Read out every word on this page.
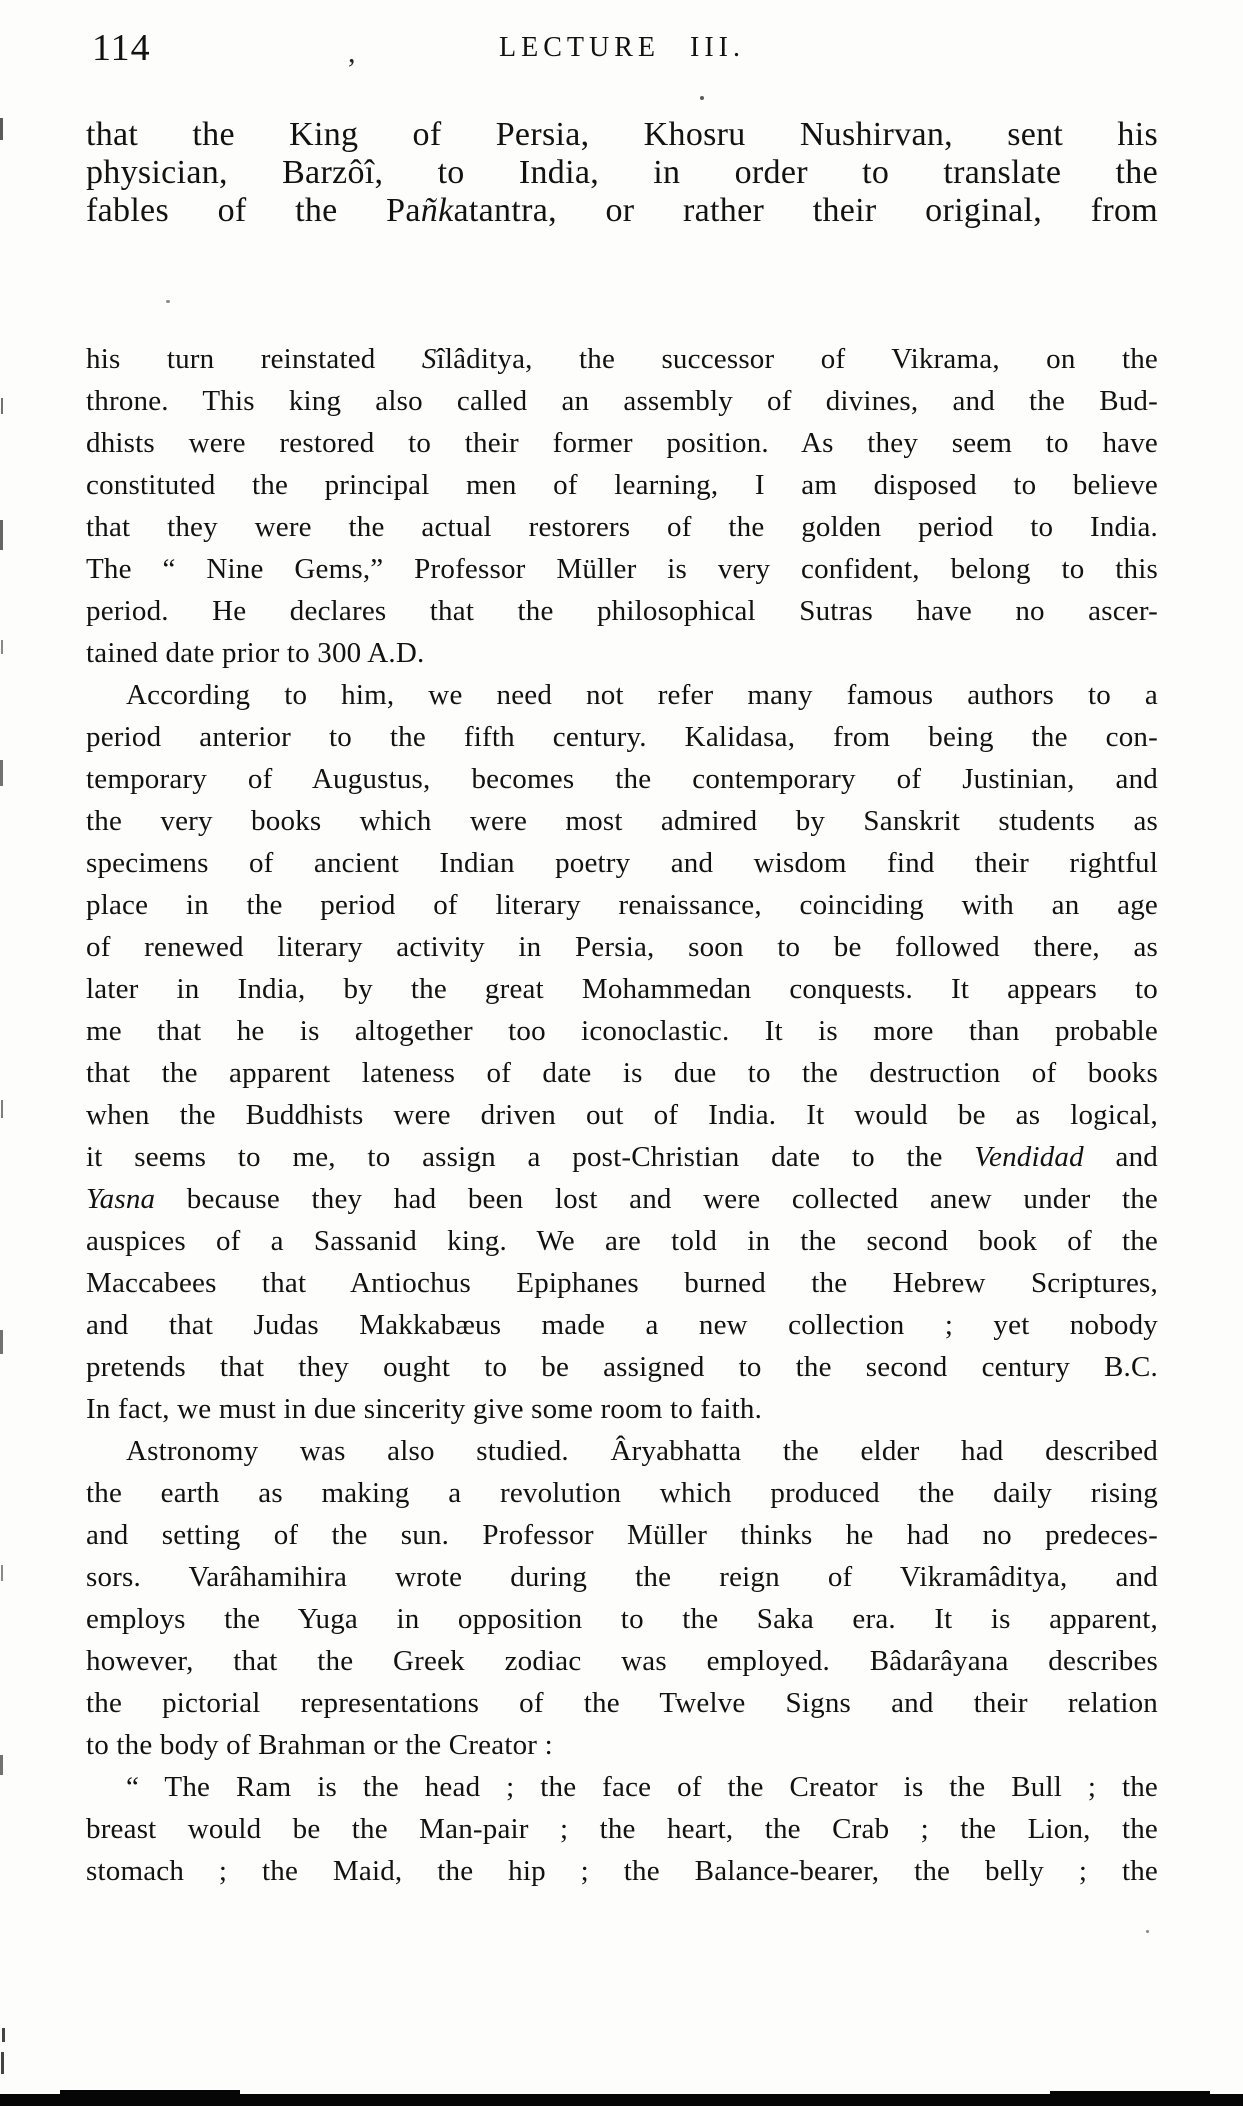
114	LECTURE III.
,
that the King of Persia, Khosru Nushirvan, sent his
physician, Barzôî, to India, in order to translate the
fables of the Pañkatantra, or rather their original, from
his turn reinstated Sîlâditya, the successor of Vikrama, on the
throne. This king also called an assembly of divines, and the Bud-
dhists were restored to their former position. As they seem to have
constituted the principal men of learning, I am disposed to believe
that they were the actual restorers of the golden period to India.
The “ Nine Gems,” Professor Müller is very confident, belong to this
period. He declares that the philosophical Sutras have no ascer-
tained date prior to 300 A.D.
According to him, we need not refer many famous authors to a
period anterior to the fifth century. Kalidasa, from being the con-
temporary of Augustus, becomes the contemporary of Justinian, and
the very books which were most admired by Sanskrit students as
specimens of ancient Indian poetry and wisdom find their rightful
place in the period of literary renaissance, coinciding with an age
of renewed literary activity in Persia, soon to be followed there, as
later in India, by the great Mohammedan conquests. It appears to
me that he is altogether too iconoclastic. It is more than probable
that the apparent lateness of date is due to the destruction of books
when the Buddhists were driven out of India. It would be as logical,
it seems to me, to assign a post-Christian date to the Vendidad and
Yasna because they had been lost and were collected anew under the
auspices of a Sassanid king. We are told in the second book of the
Maccabees that Antiochus Epiphanes burned the Hebrew Scriptures,
and that Judas Makkabæus made a new collection ; yet nobody
pretends that they ought to be assigned to the second century B.C.
In fact, we must in due sincerity give some room to faith.
Astronomy was also studied. Âryabhatta the elder had described
the earth as making a revolution which produced the daily rising
and setting of the sun. Professor Müller thinks he had no predeces-
sors. Varâhamihira wrote during the reign of Vikramâditya, and
employs the Yuga in opposition to the Saka era. It is apparent,
however, that the Greek zodiac was employed. Bâdarâyana describes
the pictorial representations of the Twelve Signs and their relation
to the body of Brahman or the Creator :
“ The Ram is the head ; the face of the Creator is the Bull ; the
breast would be the Man-pair ; the heart, the Crab ; the Lion, the
stomach ; the Maid, the hip ; the Balance-bearer, the belly ; the
